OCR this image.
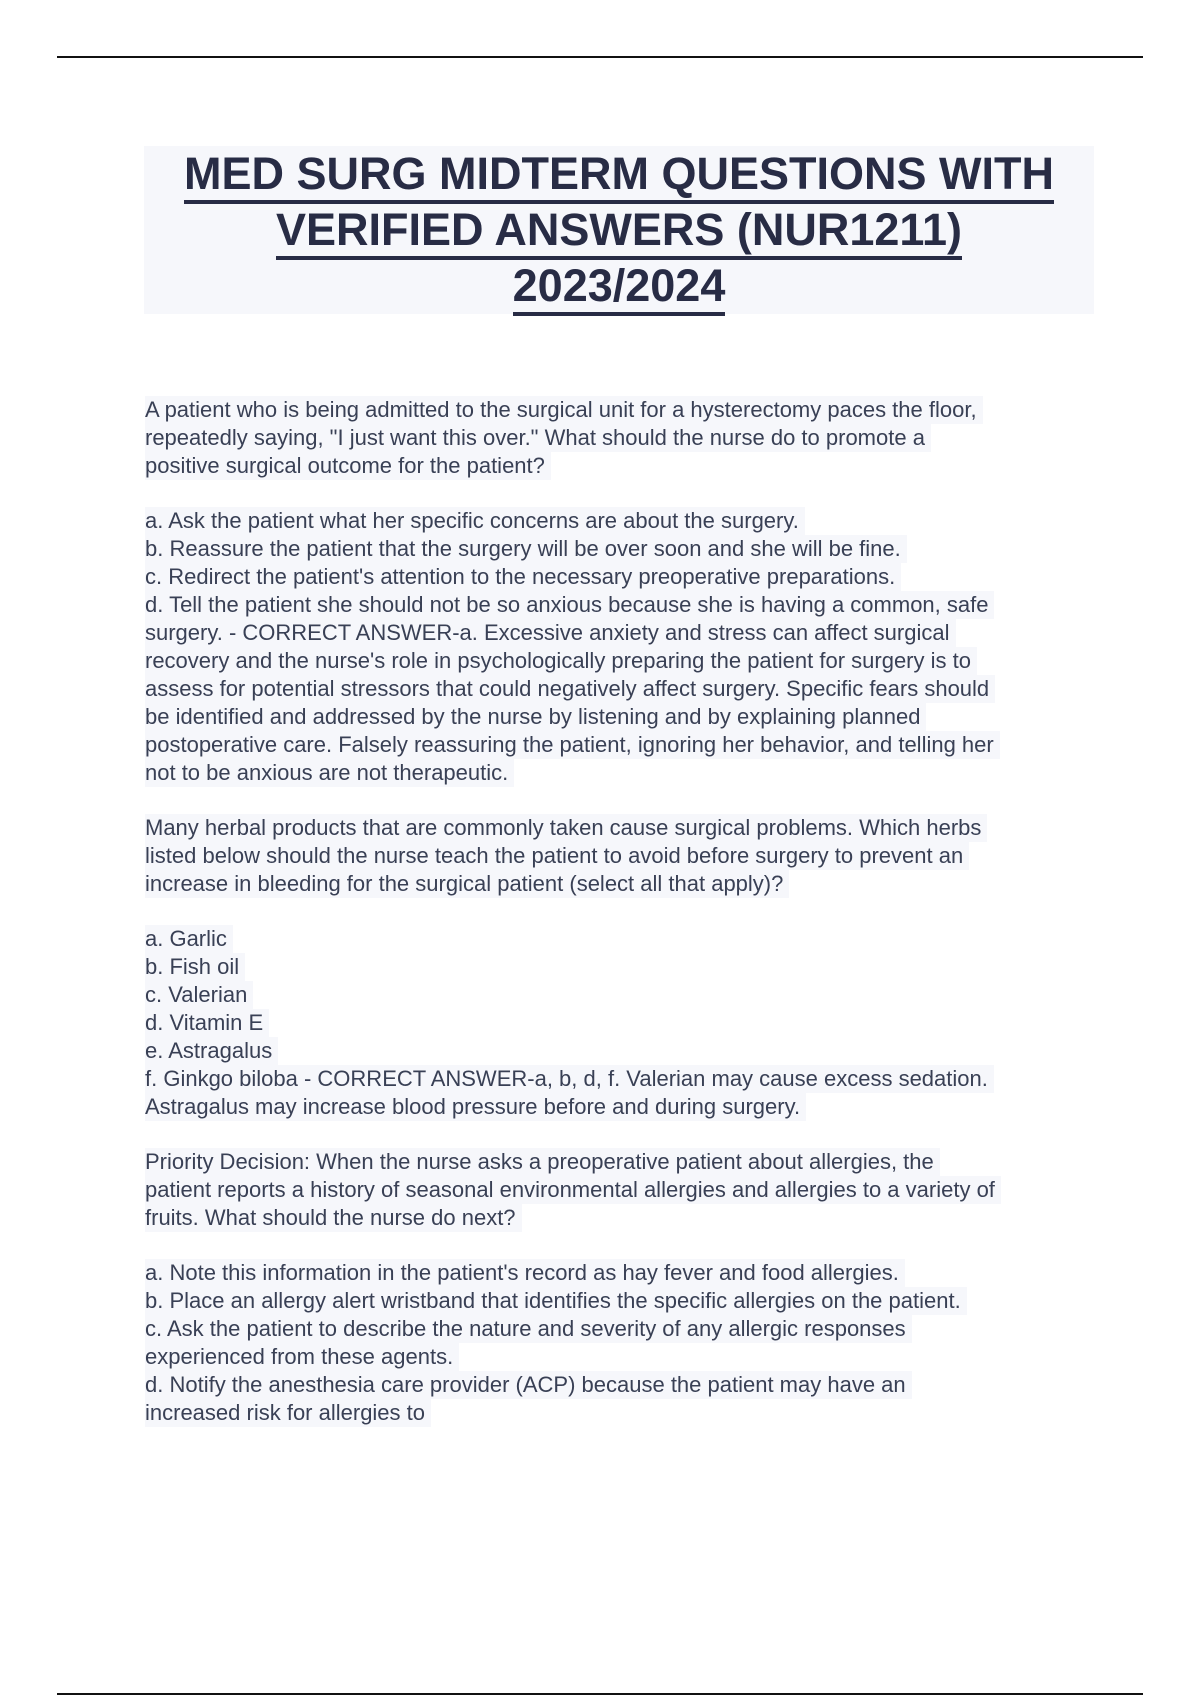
MED SURG MIDTERM QUESTIONS WITH
VERIFIED ANSWERS (NUR1211)
2023/2024
A patient who is being admitted to the surgical unit for a hysterectomy paces the floor,
repeatedly saying, "I just want this over." What should the nurse do to promote a
positive surgical outcome for the patient?
a. Ask the patient what her specific concerns are about the surgery.
b. Reassure the patient that the surgery will be over soon and she will be fine.
c. Redirect the patient's attention to the necessary preoperative preparations.
d. Tell the patient she should not be so anxious because she is having a common, safe
surgery. - CORRECT ANSWER-a. Excessive anxiety and stress can affect surgical
recovery and the nurse's role in psychologically preparing the patient for surgery is to
assess for potential stressors that could negatively affect surgery. Specific fears should
be identified and addressed by the nurse by listening and by explaining planned
postoperative care. Falsely reassuring the patient, ignoring her behavior, and telling her
not to be anxious are not therapeutic.
Many herbal products that are commonly taken cause surgical problems. Which herbs
listed below should the nurse teach the patient to avoid before surgery to prevent an
increase in bleeding for the surgical patient (select all that apply)?
a. Garlic
b. Fish oil
c. Valerian
d. Vitamin E
e. Astragalus
f. Ginkgo biloba - CORRECT ANSWER-a, b, d, f. Valerian may cause excess sedation.
Astragalus may increase blood pressure before and during surgery.
Priority Decision: When the nurse asks a preoperative patient about allergies, the
patient reports a history of seasonal environmental allergies and allergies to a variety of
fruits. What should the nurse do next?
a. Note this information in the patient's record as hay fever and food allergies.
b. Place an allergy alert wristband that identifies the specific allergies on the patient.
c. Ask the patient to describe the nature and severity of any allergic responses
experienced from these agents.
d. Notify the anesthesia care provider (ACP) because the patient may have an
increased risk for allergies to
